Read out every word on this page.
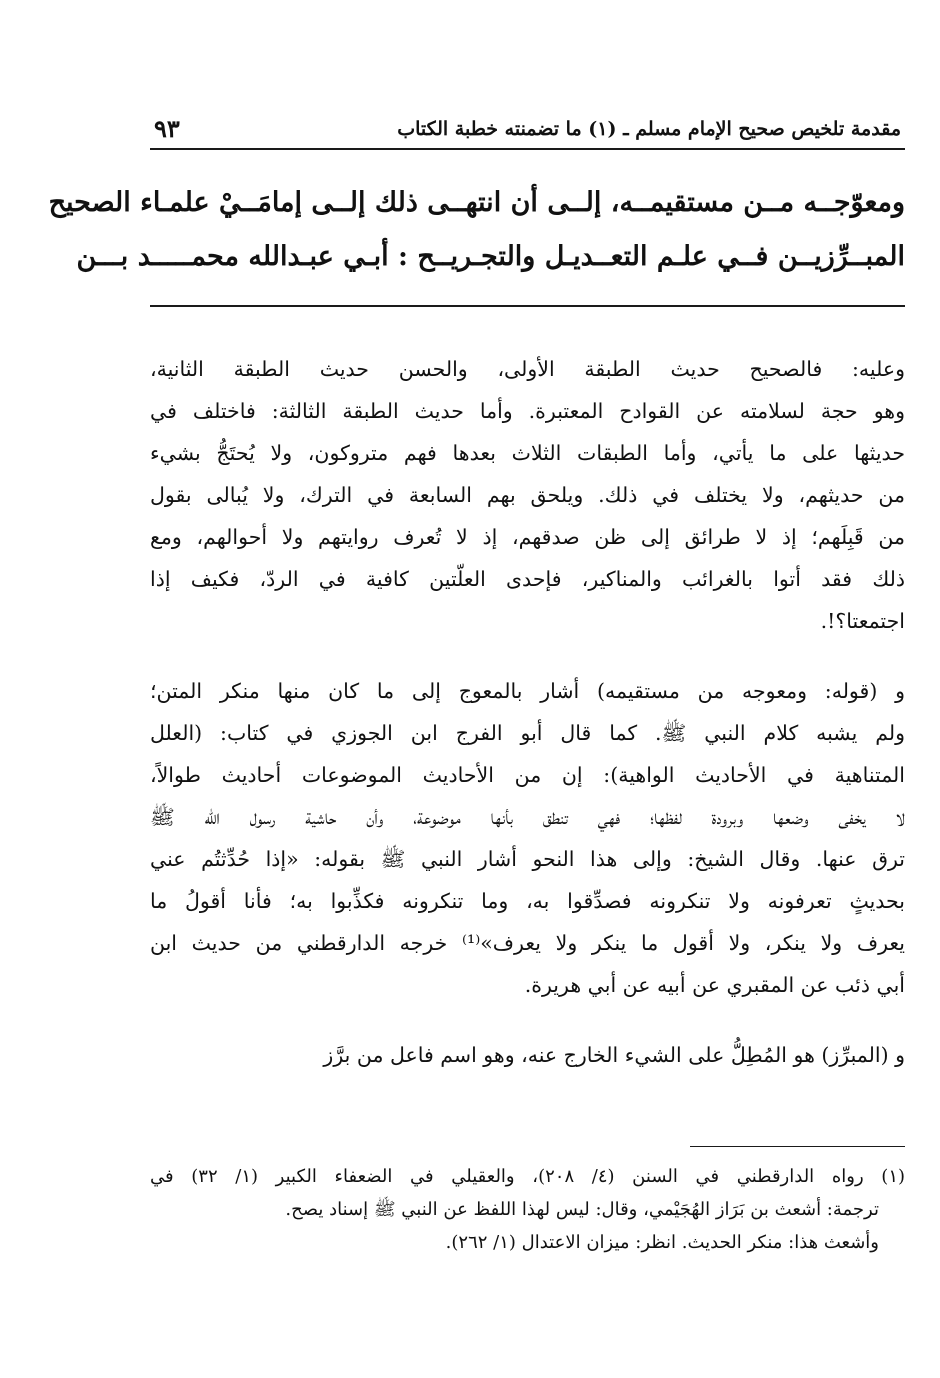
مقدمة تلخيص صحيح الإمام مسلم ـ (١) ما تضمنته خطبة الكتاب
٩٣
ومعوّجــه مــن مستقيمــه، إلــى أن انتهــى ذلك إلــى إمامَــيْ علمـاء الصحيح
المبــرِّزيــن فــي علـم التعــديـل والتجـريــح : أبـي عبـدالله محمـــــد بـــن
وعليه: فالصحيح حديث الطبقة الأولى، والحسن حديث الطبقة الثانية،
وهو حجة لسلامته عن القوادح المعتبرة. وأما حديث الطبقة الثالثة: فاختلف في
حديثها على ما يأتي، وأما الطبقات الثلاث بعدها فهم متروكون، ولا يُحتَجُّ بشيء
من حديثهم، ولا يختلف في ذلك. ويلحق بهم السابعة في الترك، ولا يُبالى بقول
من قَبِلَهم؛ إذ لا طرائق إلى ظن صدقهم، إذ لا تُعرف روايتهم ولا أحوالهم، ومع
ذلك فقد أتوا بالغرائب والمناكير، فإحدى العلّتين كافية في الردّ، فكيف إذا
اجتمعتا؟!.
و (قوله: ومعوجه من مستقيمه) أشار بالمعوج إلى ما كان منها منكر المتن؛
ولم يشبه كلام النبي ﷺ. كما قال أبو الفرج ابن الجوزي في كتاب: (العلل
المتناهية في الأحاديث الواهية): إن من الأحاديث الموضوعات أحاديث طوالاً،
لا يخفى وضعها وبرودة لفظها؛ فهي تنطق بأنها موضوعة، وأن حاشية رسول الله ﷺ
ترق عنها. وقال الشيخ: وإلى هذا النحو أشار النبي ﷺ بقوله: «إذا حُدِّثتُم عني
بحديثٍ تعرفونه ولا تنكرونه فصدِّقوا به، وما تنكرونه فكذِّبوا به؛ فأنا أقولُ ما
يعرف ولا ينكر، ولا أقول ما ينكر ولا يعرف»⁽¹⁾ خرجه الدارقطني من حديث ابن
أبي ذئب عن المقبري عن أبيه عن أبي هريرة.
و (المبرِّز) هو المُطِلُّ على الشيء الخارج عنه، وهو اسم فاعل من برَّز
(١) رواه الدارقطني في السنن (٤/ ٢٠٨)، والعقيلي في الضعفاء الكبير (١/ ٣٢) في
ترجمة: أشعث بن بَرَاز الهُجَيْمي، وقال: ليس لهذا اللفظ عن النبي ﷺ إسناد يصح.
وأشعث هذا: منكر الحديث. انظر: ميزان الاعتدال (١/ ٢٦٢).
